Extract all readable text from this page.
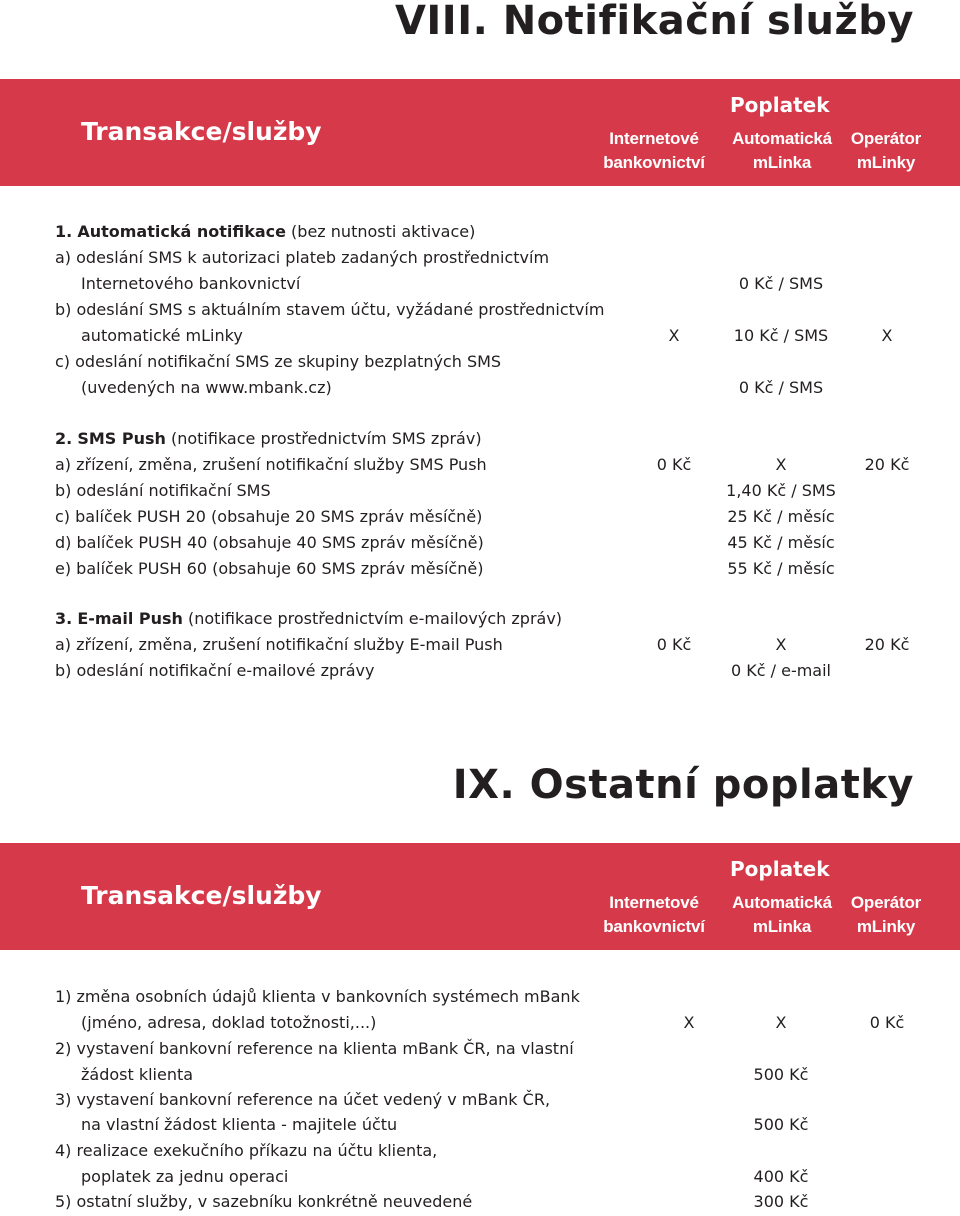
VIII. Notifikační služby
Transakce/služby
Poplatek
Internetové
bankovnictví
Automatická
mLinka
Operátor
mLinky
1. Automatická notifikace (bez nutnosti aktivace)
a) odeslání SMS k autorizaci plateb zadaných prostřednictvím
Internetového bankovnictví	0 Kč / SMS
b) odeslání SMS s aktuálním stavem účtu, vyžádané prostřednictvím
automatické mLinky	X	10 Kč / SMS	X
c) odeslání notifikační SMS ze skupiny bezplatných SMS
(uvedených na www.mbank.cz)	0 Kč / SMS
2. SMS Push (notifikace prostřednictvím SMS zpráv)
a) zřízení, změna, zrušení notifikační služby SMS Push	0 Kč	X	20 Kč
b) odeslání notifikační SMS	1,40 Kč / SMS
c) balíček PUSH 20 (obsahuje 20 SMS zpráv měsíčně)	25 Kč / měsíc
d) balíček PUSH 40 (obsahuje 40 SMS zpráv měsíčně)	45 Kč / měsíc
e) balíček PUSH 60 (obsahuje 60 SMS zpráv měsíčně)	55 Kč / měsíc
3. E-mail Push (notifikace prostřednictvím e-mailových zpráv)
a) zřízení, změna, zrušení notifikační služby E-mail Push	0 Kč	X	20 Kč
b) odeslání notifikační e-mailové zprávy	0 Kč / e-mail
IX. Ostatní poplatky
Transakce/služby
Poplatek
Internetové
bankovnictví
Automatická
mLinka
Operátor
mLinky
1) změna osobních údajů klienta v bankovních systémech mBank
(jméno, adresa, doklad totožnosti,...)	X	X	0 Kč
2) vystavení bankovní reference na klienta mBank ČR, na vlastní
žádost klienta	500 Kč
3) vystavení bankovní reference na účet vedený v mBank ČR,
na vlastní žádost klienta - majitele účtu	500 Kč
4) realizace exekučního příkazu na účtu klienta,
poplatek za jednu operaci	400 Kč
5) ostatní služby, v sazebníku konkrétně neuvedené	300 Kč
